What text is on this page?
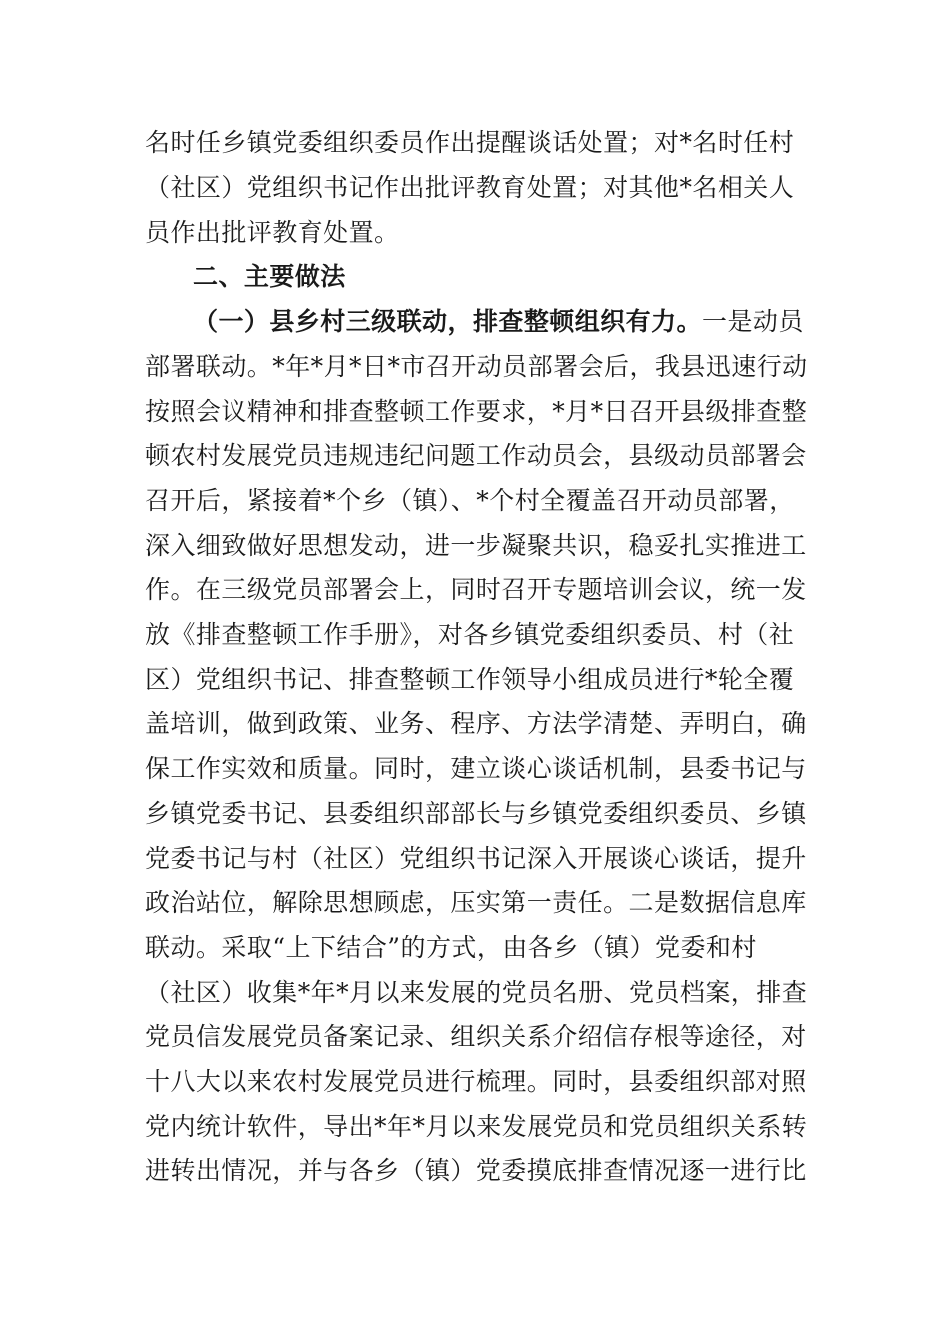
名时任乡镇党委组织委员作出提醒谈话处置；对*名时任村
（社区）党组织书记作出批评教育处置；对其他*名相关人
员作出批评教育处置。
二、主要做法
（一）县乡村三级联动，排查整顿组织有力。一是动员
部署联动。*年*月*日*市召开动员部署会后，我县迅速行动
按照会议精神和排查整顿工作要求，*月*日召开县级排查整
顿农村发展党员违规违纪问题工作动员会，县级动员部署会
召开后，紧接着*个乡（镇）、*个村全覆盖召开动员部署，
深入细致做好思想发动，进一步凝聚共识，稳妥扎实推进工
作。在三级党员部署会上，同时召开专题培训会议，统一发
放《排查整顿工作手册》，对各乡镇党委组织委员、村（社
区）党组织书记、排查整顿工作领导小组成员进行*轮全覆
盖培训，做到政策、业务、程序、方法学清楚、弄明白，确
保工作实效和质量。同时，建立谈心谈话机制，县委书记与
乡镇党委书记、县委组织部部长与乡镇党委组织委员、乡镇
党委书记与村（社区）党组织书记深入开展谈心谈话，提升
政治站位，解除思想顾虑，压实第一责任。二是数据信息库
联动。采取“上下结合”的方式，由各乡（镇）党委和村
（社区）收集*年*月以来发展的党员名册、党员档案，排查
党员信发展党员备案记录、组织关系介绍信存根等途径，对
十八大以来农村发展党员进行梳理。同时，县委组织部对照
党内统计软件，导出*年*月以来发展党员和党员组织关系转
进转出情况，并与各乡（镇）党委摸底排查情况逐一进行比
